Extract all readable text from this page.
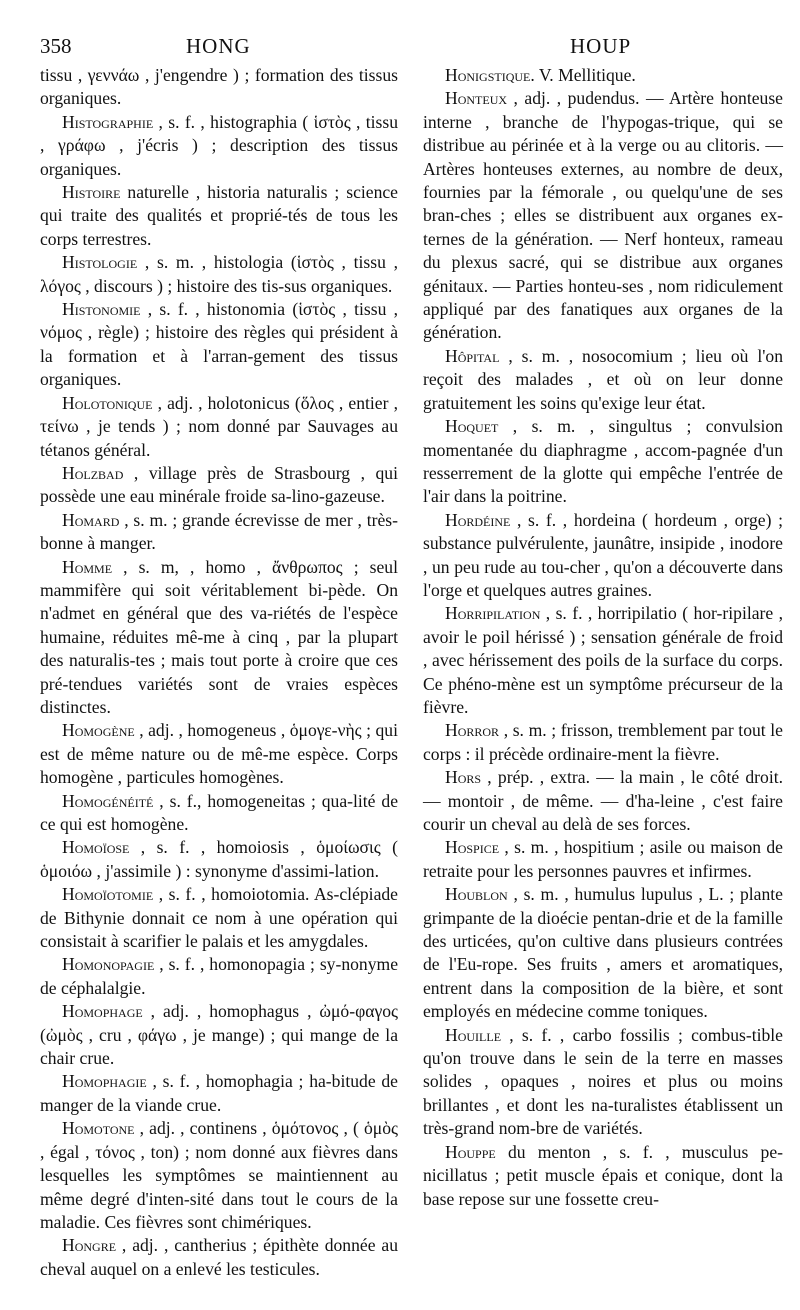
358	HONG	HOUP

tissu , γεννάω , j'engendre ) ; formation des tissus organiques.

Histographie , s. f. , histographia ( ἱστὸς , tissu , γράφω , j'écris ) ; description des tissus organiques.

Histoire naturelle , historia naturalis ; science qui traite des qualités et proprié-tés de tous les corps terrestres.

Histologie , s. m. , histologia (ἱστὸς , tissu , λόγος , discours ) ; histoire des tis-sus organiques.

Histonomie , s. f. , histonomia (ἱστὸς , tissu , νόμος , règle) ; histoire des règles qui président à la formation et à l'arran-gement des tissus organiques.

Holotonique , adj. , holotonicus (ὅλος , entier , τείνω , je tends ) ; nom donné par Sauvages au tétanos général.

Holzbad , village près de Strasbourg , qui possède une eau minérale froide sa-lino-gazeuse.

Homard , s. m. ; grande écrevisse de mer , très-bonne à manger.

Homme , s. m, , homo , ἄνθρωπος ; seul mammifère qui soit véritablement bi-pède. On n'admet en général que des va-riétés de l'espèce humaine, réduites mê-me à cinq , par la plupart des naturalis-tes ; mais tout porte à croire que ces pré-tendues variétés sont de vraies espèces distinctes.

Homogène , adj. , homogeneus , ὁμογε-νὴς ; qui est de même nature ou de mê-me espèce. Corps homogène , particules homogènes.

Homogénéité , s. f., homogeneitas ; qua-lité de ce qui est homogène.

Homoïose , s. f. , homoiosis , ὁμοίωσις ( ὁμοιόω , j'assimile ) : synonyme d'assimi-lation.

Homoïotomie , s. f. , homoiotomia. As-clépiade de Bithynie donnait ce nom à une opération qui consistait à scarifier le palais et les amygdales.

Homonopagie , s. f. , homonopagia ; sy-nonyme de céphalalgie.

Homophage , adj. , homophagus , ὠμό-φαγος (ὠμὸς , cru , φάγω , je mange) ; qui mange de la chair crue.

Homophagie , s. f. , homophagia ; ha-bitude de manger de la viande crue.

Homotone , adj. , continens , ὁμότονος , ( ὁμὸς , égal , τόνος , ton) ; nom donné aux fièvres dans lesquelles les symptômes se maintiennent au même degré d'inten-sité dans tout le cours de la maladie. Ces fièvres sont chimériques.

Hongre , adj. , cantherius ; épithète donnée au cheval auquel on a enlevé les testicules.

Honigstique. V. Mellitique.

Honteux , adj. , pudendus. — Artère honteuse interne , branche de l'hypogas-trique, qui se distribue au périnée et à la verge ou au clitoris. — Artères honteuses externes, au nombre de deux, fournies par la fémorale , ou quelqu'une de ses bran-ches ; elles se distribuent aux organes ex-ternes de la génération. — Nerf honteux, rameau du plexus sacré, qui se distribue aux organes génitaux. — Parties honteu-ses , nom ridiculement appliqué par des fanatiques aux organes de la génération.

Hôpital , s. m. , nosocomium ; lieu où l'on reçoit des malades , et où on leur donne gratuitement les soins qu'exige leur état.

Hoquet , s. m. , singultus ; convulsion momentanée du diaphragme , accom-pagnée d'un resserrement de la glotte qui empêche l'entrée de l'air dans la poitrine.

Hordéine , s. f. , hordeina ( hordeum , orge) ; substance pulvérulente, jaunâtre, insipide , inodore , un peu rude au tou-cher , qu'on a découverte dans l'orge et quelques autres graines.

Horripilation , s. f. , horripilatio ( hor-ripilare , avoir le poil hérissé ) ; sensation générale de froid , avec hérissement des poils de la surface du corps. Ce phéno-mène est un symptôme précurseur de la fièvre.

Horror , s. m. ; frisson, tremblement par tout le corps : il précède ordinaire-ment la fièvre.

Hors , prép. , extra. — la main , le côté droit. — montoir , de même. — d'ha-leine , c'est faire courir un cheval au delà de ses forces.

Hospice , s. m. , hospitium ; asile ou maison de retraite pour les personnes pauvres et infirmes.

Houblon , s. m. , humulus lupulus , L. ; plante grimpante de la dioécie pentan-drie et de la famille des urticées, qu'on cultive dans plusieurs contrées de l'Eu-rope. Ses fruits , amers et aromatiques, entrent dans la composition de la bière, et sont employés en médecine comme toniques.

Houille , s. f. , carbo fossilis ; combus-tible qu'on trouve dans le sein de la terre en masses solides , opaques , noires et plus ou moins brillantes , et dont les na-turalistes établissent un très-grand nom-bre de variétés.

Houppe du menton , s. f. , musculus pe-nicillatus ; petit muscle épais et conique, dont la base repose sur une fossette creu-
